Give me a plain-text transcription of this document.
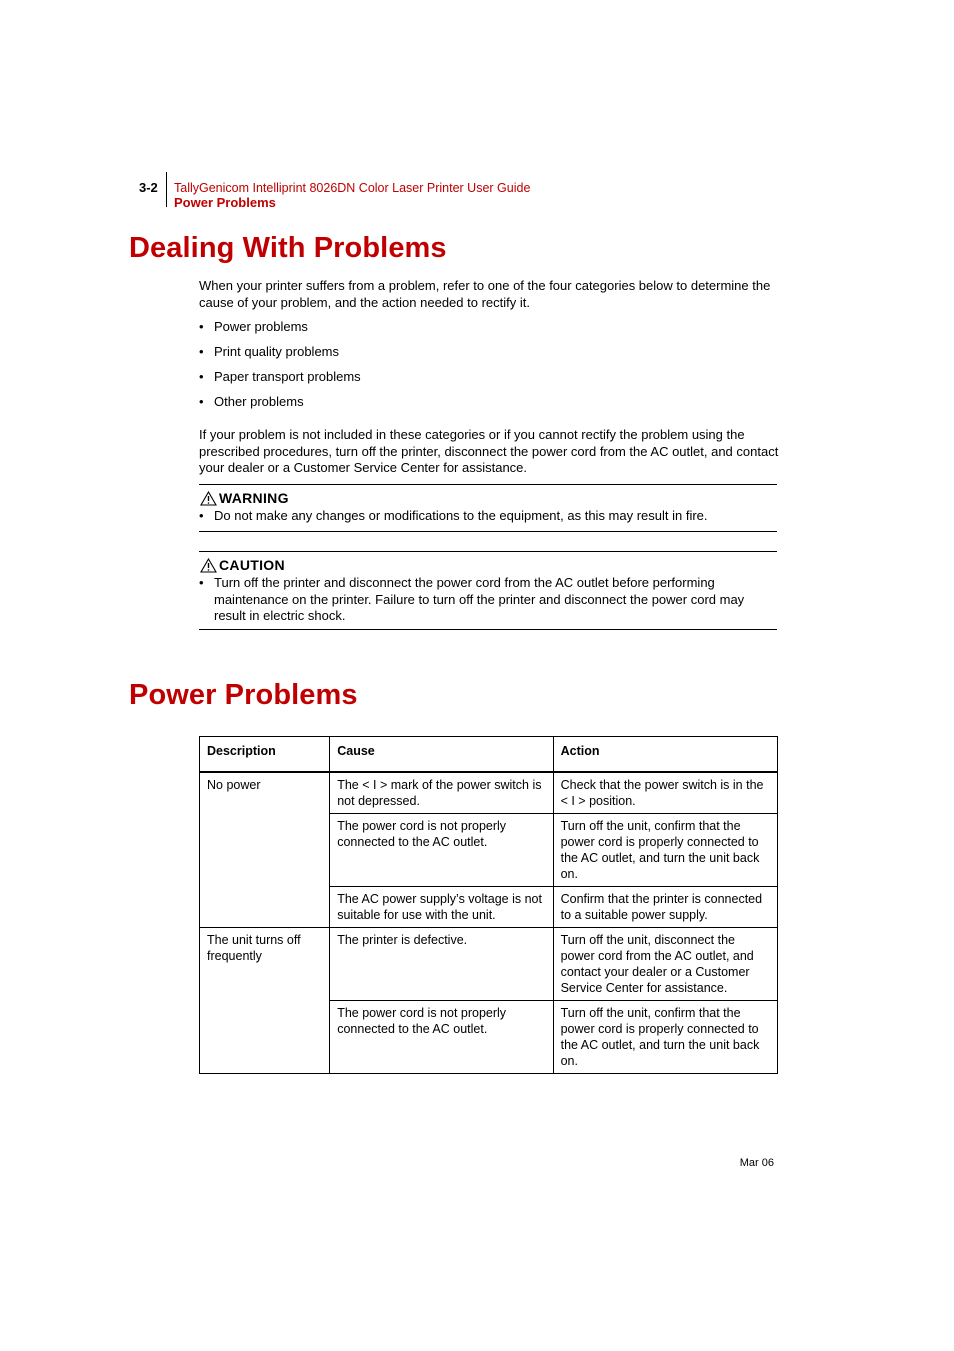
3-2 TallyGenicom Intelliprint 8026DN Color Laser Printer User Guide
Power Problems
Dealing With Problems
When your printer suffers from a problem, refer to one of the four categories below to determine the cause of your problem, and the action needed to rectify it.
• Power problems
• Print quality problems
• Paper transport problems
• Other problems
If your problem is not included in these categories or if you cannot rectify the problem using the prescribed procedures, turn off the printer, disconnect the power cord from the AC outlet, and contact your dealer or a Customer Service Center for assistance.
WARNING
• Do not make any changes or modifications to the equipment, as this may result in fire.
CAUTION
• Turn off the printer and disconnect the power cord from the AC outlet before performing maintenance on the printer. Failure to turn off the printer and disconnect the power cord may result in electric shock.
Power Problems
Description	Cause	Action

No power	The < I > mark of the power switch is not depressed.	Check that the power switch is in the < I > position.
	The power cord is not properly connected to the AC outlet.	Turn off the unit, confirm that the power cord is properly connected to the AC outlet, and turn the unit back on.
	The AC power supply’s voltage is not suitable for use with the unit.	Confirm that the printer is connected to a suitable power supply.
The unit turns off frequently	The printer is defective.	Turn off the unit, disconnect the power cord from the AC outlet, and contact your dealer or a Customer Service Center for assistance.
	The power cord is not properly connected to the AC outlet.	Turn off the unit, confirm that the power cord is properly connected to the AC outlet, and turn the unit back on.
Mar 06
